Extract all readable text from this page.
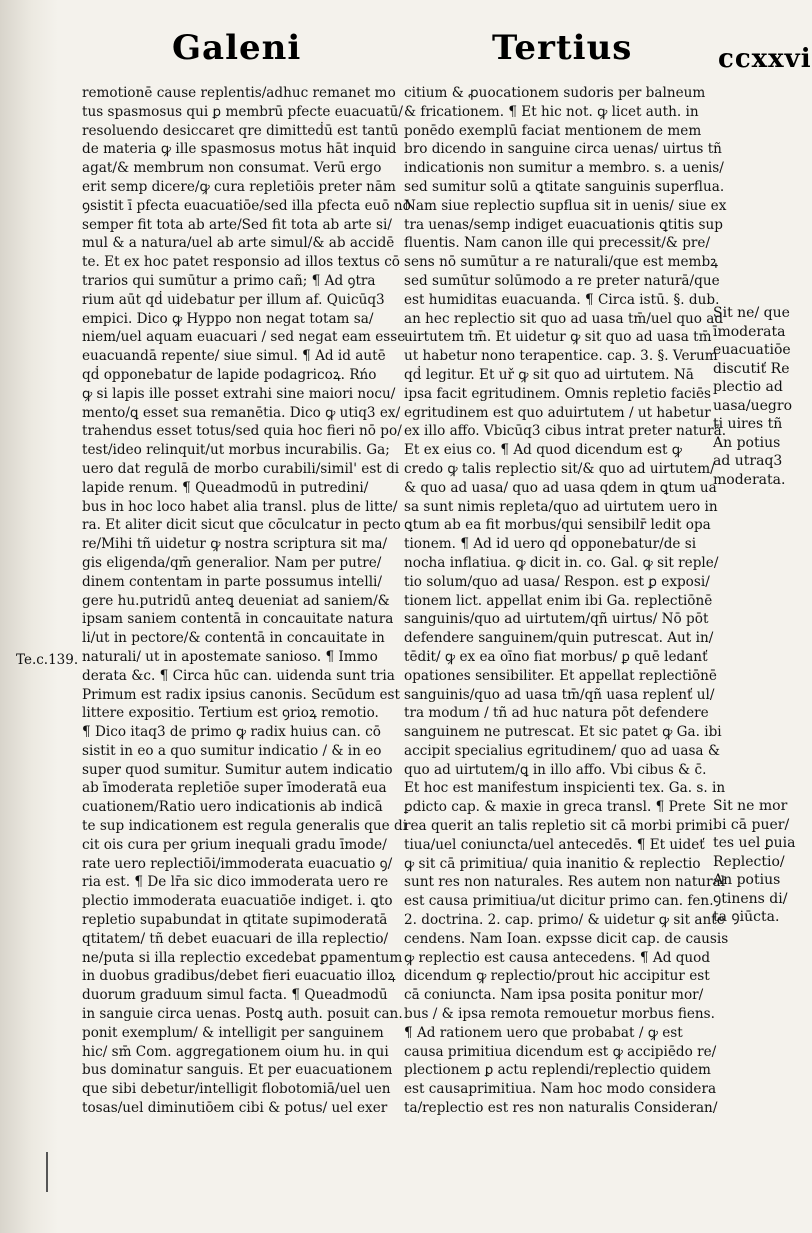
Galeni	Tertius	ccxxvi
remotionē cause replentis/adhuc remanet mo
tus spasmosus qui ꝑ membrū pfecte euacuatū/
resoluendo desiccaret qre dimitteḋū est tantū
de materia ꝙ ille spasmosus motus hāt inquid
agat/& membrum non consumat. Verū ergo
erit semp dicere/ꝙ cura repletiōis preter nām
ꝯsistit ī pfecta euacuatiōe/sed illa pfecta euō nō
semper fit tota ab arte/Sed fit tota ab arte si/
mul & a natura/uel ab arte simul/& ab accidē
te. Et ex hoc patet responsio ad illos textus cō
trarios qui sumūtur a primo cañ; ¶ Ad ꝯtra
rium aūt qḋ uidebatur per illum af. Quicūq3
empici. Dico ꝙ Hyppo non negat totam sa/
niem/uel aquam euacuari / sed negat eam esse
euacuandā repente/ siue simul. ¶ Ad id autē
qḋ opponebatur de lapide podagricoꝝ. Rńo
ꝙ si lapis ille posset extrahi sine maiori nocu/
mento/ꝗ esset sua remanētia. Dico ꝙ utiq3 ex/
trahendus esset totus/sed quia hoc fieri nō po/
test/ideo relinquit/ut morbus incurabilis. Ga;
uero dat regulā de morbo curabili/simil' est di
lapide renum. ¶ Queadmodū in putredini/
bus in hoc loco habet alia transl. plus de litte/
ra. Et aliter dicit sicut que cōculcatur in pecto
re/Mihi tñ uidetur ꝙ nostra scriptura sit ma/
gis eligenda/qm̄ generalior. Nam per putre/
dinem contentam in parte possumus intelli/
gere hu.putridū anteꝗ deueniat ad saniem/&
ipsam saniem contentā in concauitate natura
li/ut in pectore/& contentā in concauitate in
naturali/ ut in apostemate sanioso. ¶ Immo
derata &c. ¶ Circa hūc can. uidenda sunt tria
Primum est radix ipsius canonis. Secūdum est
littere expositio. Tertium est ꝯrioꝝ remotio.
¶ Dico itaq3 de primo ꝙ radix huius can. cō
sistit in eo a quo sumitur indicatio / & in eo
super quod sumitur. Sumitur autem indicatio
ab īmoderata repletiōe super īmoderatā eua
cuationem/Ratio uero indicationis ab indicā
te sup indicationem est regula generalis que di
cit ois cura per ꝯrium inequali gradu īmode/
rate uero replectiōi/immoderata euacuatio ꝯ/
ria est. ¶ De lr̄a sic dico immoderata uero re
plectio immoderata euacuatiōe indiget. i. ꝗto
repletio supabundat in qtitate supimoderatā
qtitatem/ tñ debet euacuari de illa replectio/
ne/puta si illa replectio excedebat ꝑpamentum
in duobus gradibus/debet fieri euacuatio illoꝝ
duorum graduum simul facta. ¶ Queadmodū
in sanguie circa uenas. Postꝗ auth. posuit can.
ponit exemplum/ & intelligit per sanguinem
hic/ sm̄ Com. aggregationem oium hu. in qui
bus dominatur sanguis. Et per euacuationem
que sibi debetur/intelligit flobotomiā/uel uen
tosas/uel diminutiōem cibi & potus/ uel exer
citium & ꝓuocationem sudoris per balneum
& fricationem. ¶ Et hic not. ꝙ licet auth. in
ponēdo exemplū faciat mentionem de mem
bro dicendo in sanguine circa uenas/ uirtus tñ
indicationis non sumitur a membro. s. a uenis/
sed sumitur solū a ꝗtitate sanguinis superflua.
Nam siue replectio supflua sit in uenis/ siue ex
tra uenas/semp indiget euacuationis ꝗtitis sup
fluentis. Nam canon ille qui precessit/& pre/
sens nō sumūtur a re naturali/que est membꝝ
sed sumūtur solūmodo a re preter naturā/que
est humiditas euacuanda. ¶ Circa istū. §. dub.
an hec replectio sit quo ad uasa tm̄/uel quo ad
uirtutem tm̄. Et uidetur ꝙ sit quo ad uasa tm̄
ut habetur nono terapentice. cap. 3. §. Verum
qḋ legitur. Et uř ꝙ sit quo ad uirtutem. Nā
ipsa facit egritudinem. Omnis repletio faciēs
egritudinem est quo aduirtutem / ut habetur
ex illo affo. Vbicūq3 cibus intrat preter naturā.
Et ex eius co. ¶ Ad quod dicendum est ꝙ
credo ꝙ talis replectio sit/& quo ad uirtutem/
& quo ad uasa/ quo ad uasa qdem in ꝗtum ua
sa sunt nimis repleta/quo ad uirtutem uero in
ꝗtum ab ea fit morbus/qui sensibilr̄ ledit opa
tionem. ¶ Ad id uero qḋ opponebatur/de si
nocha inflatiua. ꝙ dicit in. co. Gal. ꝙ sit reple/
tio solum/quo ad uasa/ Respon. est ꝑ exposi/
tionem lict. appellat enim ibi Ga. replectiōnē
sanguinis/quo ad uirtutem/qñ uirtus/ Nō pōt
defendere sanguinem/quin putrescat. Aut in/
tēdit/ ꝙ ex ea oīno fiat morbus/ ꝑ quē ledanť
opationes sensibiliter. Et appellat replectiōnē
sanguinis/quo ad uasa tm̄/qñ uasa replenť ul/
tra modum / tñ ad huc natura pōt defendere
sanguinem ne putrescat. Et sic patet ꝙ Ga. ibi
accipit specialius egritudinem/ quo ad uasa &
quo ad uirtutem/ꝗ in illo affo. Vbi cibus & c̄.
Et hoc est manifestum inspicienti tex. Ga. s. in
ꝑdicto cap. & maxie in greca transl. ¶ Prete
rea querit an talis repletio sit cā morbi primi
tiua/uel coniuncta/uel antecedēs. ¶ Et uideť
ꝙ sit cā primitiua/ quia inanitio & replectio
sunt res non naturales. Res autem non naturał
est causa primitiua/ut dicitur primo can. fen.
2. doctrina. 2. cap. primo/ & uidetur ꝙ sit ante
cendens. Nam Ioan. expsse dicit cap. de causis
ꝙ replectio est causa antecedens. ¶ Ad quod
dicendum ꝙ replectio/prout hic accipitur est
cā coniuncta. Nam ipsa posita ponitur mor/
bus / & ipsa remota remouetur morbus fiens.
¶ Ad rationem uero que probabat / ꝙ est
causa primitiua dicendum est ꝙ accipiēdo re/
plectionem ꝑ actu replendi/replectio quidem
est causaprimitiua. Nam hoc modo considera
ta/replectio est res non naturalis Consideran/
Sit ne/ que
īmoderata
euacuatiōe
discutiť Re
plectio ad
uasa/uegro
ti uires tñ
An potius
ad utraq3
moderata.
Sit ne mor
bi cā puer/
tes uel ꝑuia
Replectio/
An potius
ꝯtinens di/
ta ꝯiūcta.
Te.c.139.
